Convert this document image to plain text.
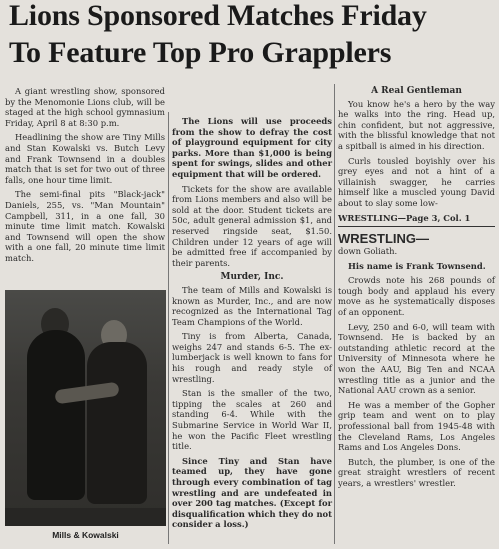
Lions Sponsored Matches Friday
To Feature Top Pro Grapplers

A giant wrestling show, sponsored by the Menomonie Lions club, will be staged at the high school gymnasium Friday, April 8 at 8:30 p.m.

Headlining the show are Tiny Mills and Stan Kowalski vs. Butch Levy and Frank Townsend in a doubles match that is set for two out of three falls, one hour time limit.

The semi-final pits "Black-jack" Daniels, 255, vs. "Man Mountain" Campbell, 311, in a one fall, 30 minute time limit match. Kowalski and Townsend will open the show with a one fall, 20 minute time limit match.

Mills & Kowalski

The Lions will use proceeds from the show to defray the cost of playground equipment for city parks. More than $1,000 is being spent for swings, slides and other equipment that will be ordered.

Tickets for the show are available from Lions members and also will be sold at the door. Student tickets are 50c, adult general admission $1, and reserved ringside seat, $1.50. Children under 12 years of age will be admitted free if accompanied by their parents.

Murder, Inc.

The team of Mills and Kowalski is known as Murder, Inc., and are now recognized as the International Tag Team Champions of the World.

Tiny is from Alberta, Canada, weighs 247 and stands 6-5. The ex-lumberjack is well known to fans for his rough and ready style of wrestling.

Stan is the smaller of the two, tipping the scales at 260 and standing 6-4. While with the Submarine Service in World War II, he won the Pacific Fleet wrestling title.

Since Tiny and Stan have teamed up, they have gone through every combination of tag wrestling and are undefeated in over 200 tag matches. (Except for disqualification which they do not consider a loss.)

A Real Gentleman

You know he's a hero by the way he walks into the ring. Head up, chin confident, but not aggressive, with the blissful knowledge that not a spitball is aimed in his direction.

Curls tousled boyishly over his grey eyes and not a hint of a villainish swagger, he carries himself like a muscled young David about to slay some low-

WRESTLING—Page 3, Col. 1

WRESTLING—

down Goliath.

His name is Frank Townsend.

Crowds note his 268 pounds of tough body and applaud his every move as he systematically disposes of an opponent.

Levy, 250 and 6-0, will team with Townsend. He is backed by an outstanding athletic record at the University of Minnesota where he won the AAU, Big Ten and NCAA wrestling title as a junior and the National AAU crown as a senior.

He was a member of the Gopher grip team and went on to play professional ball from 1945-48 with the Cleveland Rams, Los Angeles Rams and Los Angeles Dons.

Butch, the plumber, is one of the great straight wrestlers of recent years, a wrestlers' wrestler.
